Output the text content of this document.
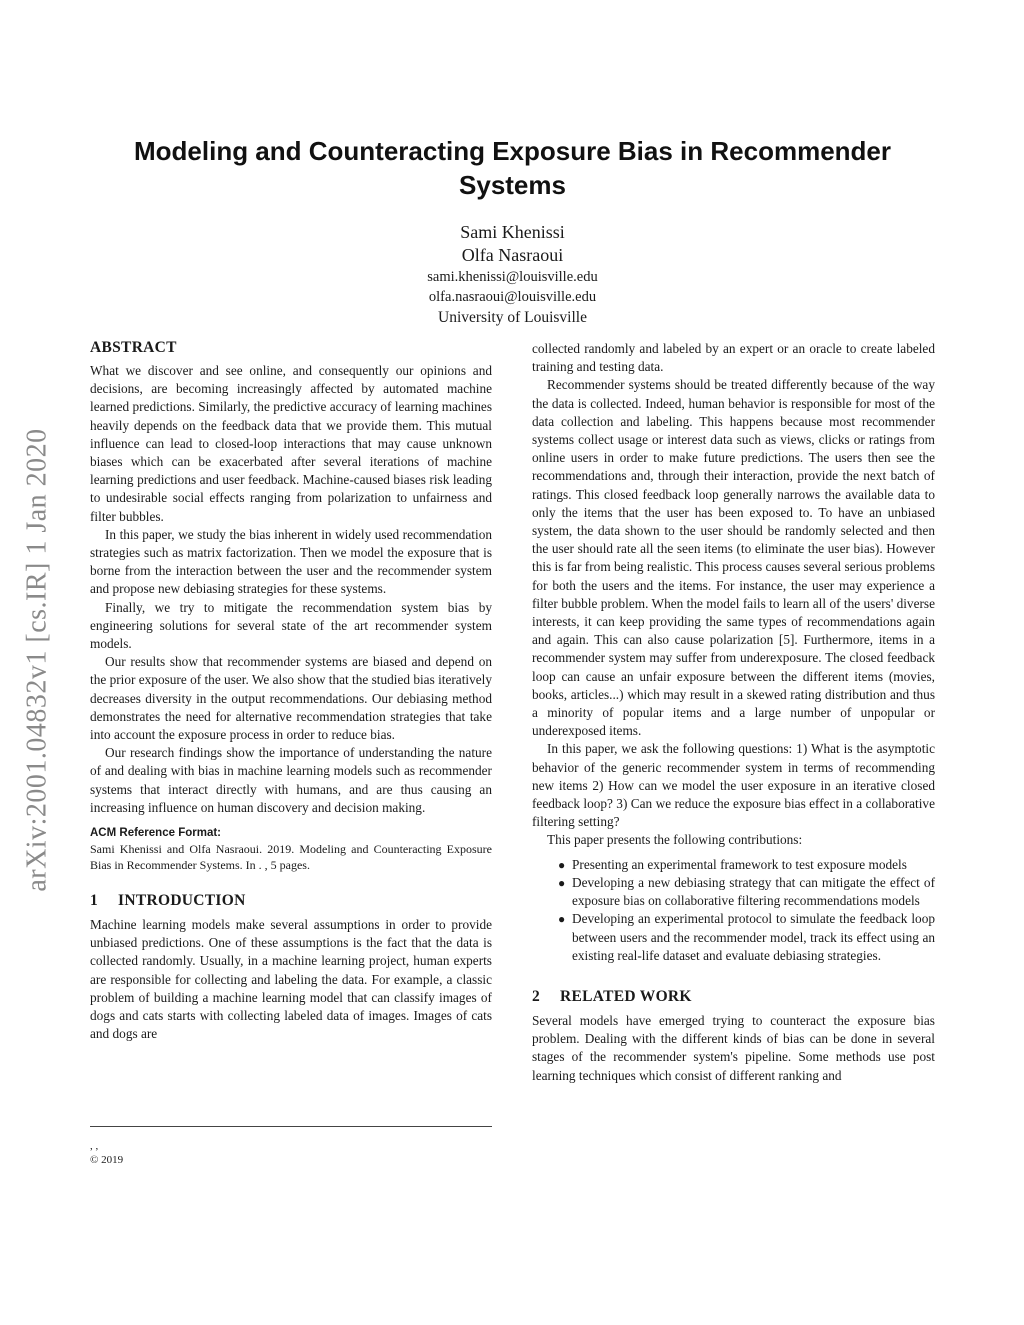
arXiv:2001.04832v1 [cs.IR] 1 Jan 2020
Modeling and Counteracting Exposure Bias in Recommender Systems
Sami Khenissi
Olfa Nasraoui
sami.khenissi@louisville.edu
olfa.nasraoui@louisville.edu
University of Louisville
ABSTRACT

What we discover and see online, and consequently our opinions and decisions, are becoming increasingly affected by automated machine learned predictions. Similarly, the predictive accuracy of learning machines heavily depends on the feedback data that we provide them. This mutual influence can lead to closed-loop interactions that may cause unknown biases which can be exacerbated after several iterations of machine learning predictions and user feedback. Machine-caused biases risk leading to undesirable social effects ranging from polarization to unfairness and filter bubbles.

In this paper, we study the bias inherent in widely used recommendation strategies such as matrix factorization. Then we model the exposure that is borne from the interaction between the user and the recommender system and propose new debiasing strategies for these systems.

Finally, we try to mitigate the recommendation system bias by engineering solutions for several state of the art recommender system models.

Our results show that recommender systems are biased and depend on the prior exposure of the user. We also show that the studied bias iteratively decreases diversity in the output recommendations. Our debiasing method demonstrates the need for alternative recommendation strategies that take into account the exposure process in order to reduce bias.

Our research findings show the importance of understanding the nature of and dealing with bias in machine learning models such as recommender systems that interact directly with humans, and are thus causing an increasing influence on human discovery and decision making.

ACM Reference Format:
Sami Khenissi and Olfa Nasraoui. 2019. Modeling and Counteracting Exposure Bias in Recommender Systems. In . , 5 pages.
1 INTRODUCTION

Machine learning models make several assumptions in order to provide unbiased predictions. One of these assumptions is the fact that the data is collected randomly. Usually, in a machine learning project, human experts are responsible for collecting and labeling the data. For example, a classic problem of building a machine learning model that can classify images of dogs and cats starts with collecting labeled data of images. Images of cats and dogs are

, ,
© 2019

collected randomly and labeled by an expert or an oracle to create labeled training and testing data.

Recommender systems should be treated differently because of the way the data is collected. Indeed, human behavior is responsible for most of the data collection and labeling. This happens because most recommender systems collect usage or interest data such as views, clicks or ratings from online users in order to make future predictions. The users then see the recommendations and, through their interaction, provide the next batch of ratings. This closed feedback loop generally narrows the available data to only the items that the user has been exposed to. To have an unbiased system, the data shown to the user should be randomly selected and then the user should rate all the seen items (to eliminate the user bias). However this is far from being realistic. This process causes several serious problems for both the users and the items. For instance, the user may experience a filter bubble problem. When the model fails to learn all of the users' diverse interests, it can keep providing the same types of recommendations again and again. This can also cause polarization [5]. Furthermore, items in a recommender system may suffer from underexposure. The closed feedback loop can cause an unfair exposure between the different items (movies, books, articles...) which may result in a skewed rating distribution and thus a minority of popular items and a large number of unpopular or underexposed items.

In this paper, we ask the following questions: 1) What is the asymptotic behavior of the generic recommender system in terms of recommending new items 2) How can we model the user exposure in an iterative closed feedback loop? 3) Can we reduce the exposure bias effect in a collaborative filtering setting?

This paper presents the following contributions:

● Presenting an experimental framework to test exposure models
● Developing a new debiasing strategy that can mitigate the effect of exposure bias on collaborative filtering recommendations models
● Developing an experimental protocol to simulate the feedback loop between users and the recommender model, track its effect using an existing real-life dataset and evaluate debiasing strategies.
2 RELATED WORK

Several models have emerged trying to counteract the exposure bias problem. Dealing with the different kinds of bias can be done in several stages of the recommender system's pipeline. Some methods use post learning techniques which consist of different ranking and
